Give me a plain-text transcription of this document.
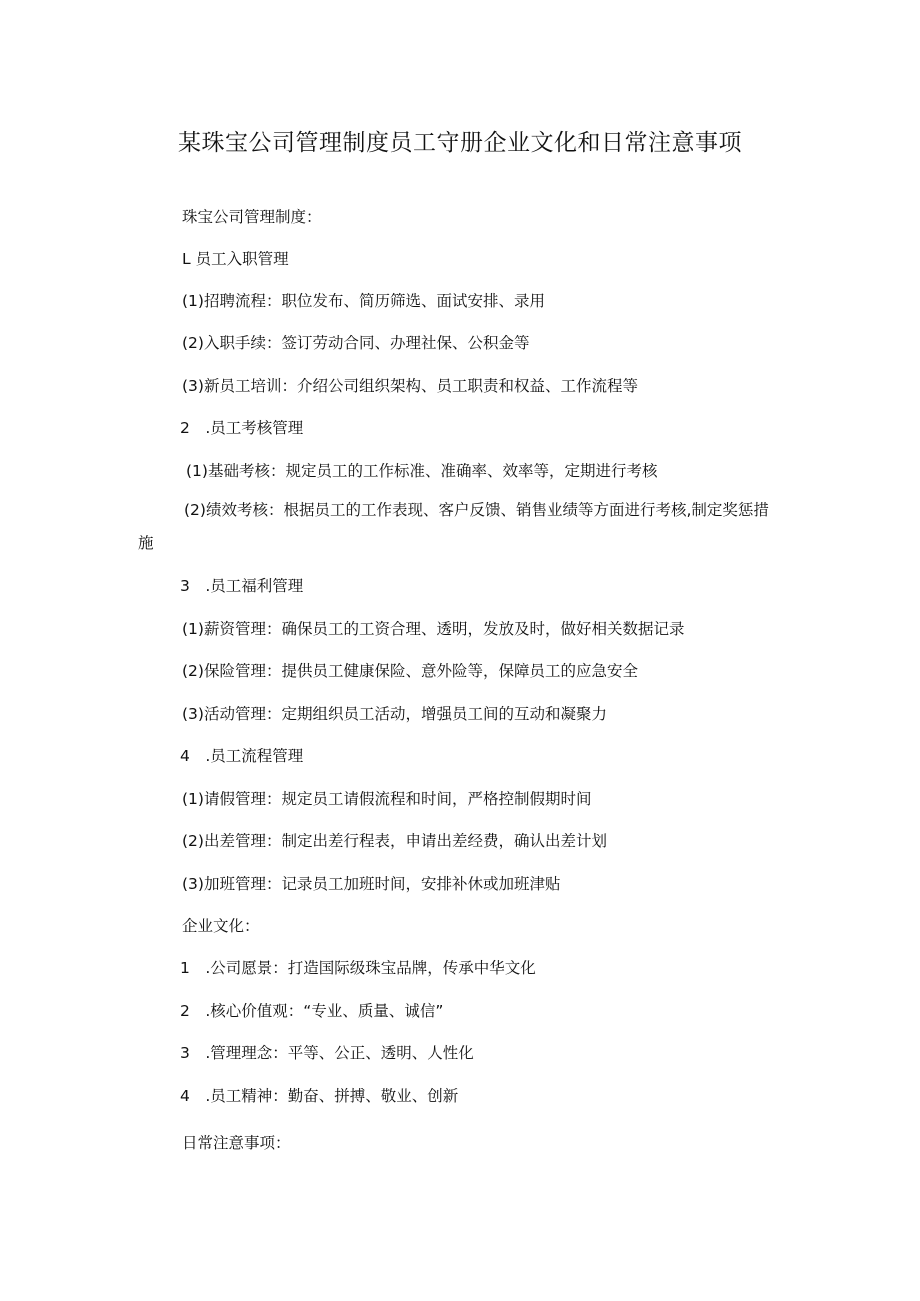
某珠宝公司管理制度员工守册企业文化和日常注意事项
珠宝公司管理制度：
L 员工入职管理
(1)招聘流程：职位发布、简历筛选、面试安排、录用
(2)入职手续：签订劳动合同、办理社保、公积金等
(3)新员工培训：介绍公司组织架构、员工职责和权益、工作流程等
2　.员工考核管理
(1)基础考核：规定员工的工作标准、准确率、效率等，定期进行考核
(2)绩效考核：根据员工的工作表现、客户反馈、销售业绩等方面进行考核,制定奖惩措施
3　.员工福利管理
(1)薪资管理：确保员工的工资合理、透明，发放及时，做好相关数据记录
(2)保险管理：提供员工健康保险、意外险等，保障员工的应急安全
(3)活动管理：定期组织员工活动，增强员工间的互动和凝聚力
4　.员工流程管理
(1)请假管理：规定员工请假流程和时间，严格控制假期时间
(2)出差管理：制定出差行程表，申请出差经费，确认出差计划
(3)加班管理：记录员工加班时间，安排补休或加班津贴
企业文化：
1　.公司愿景：打造国际级珠宝品牌，传承中华文化
2　.核心价值观：“专业、质量、诚信”
3　.管理理念：平等、公正、透明、人性化
4　.员工精神：勤奋、拼搏、敬业、创新
日常注意事项：
